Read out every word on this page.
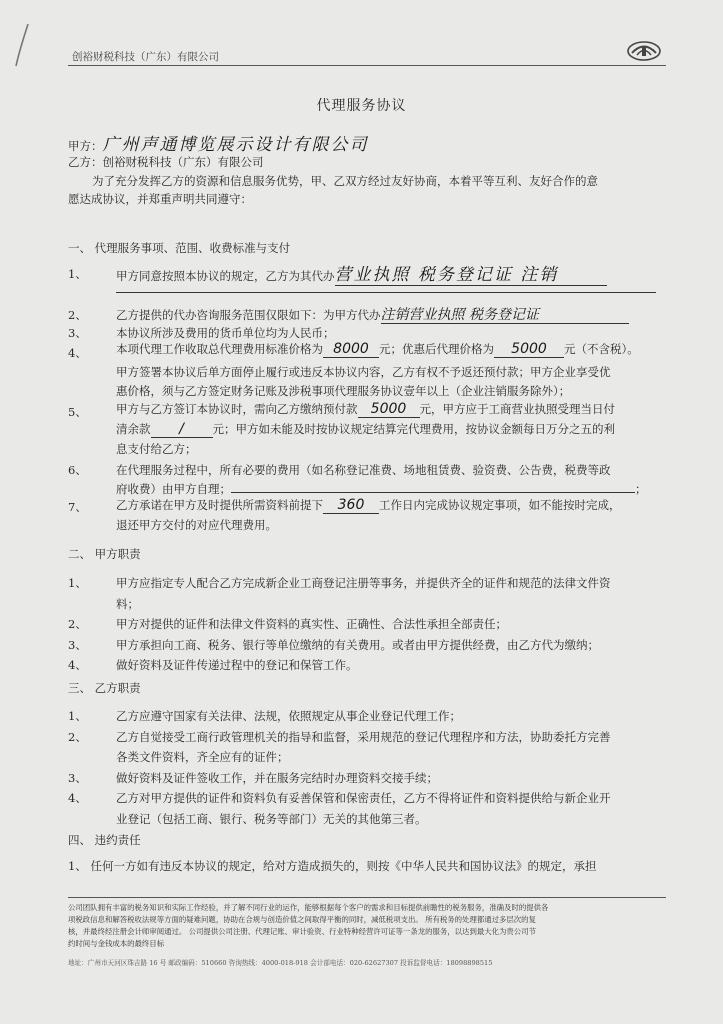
创裕财税科技（广东）有限公司
代理服务协议
甲方：广州声通博览展示设计有限公司
乙方：创裕财税科技（广东）有限公司
为了充分发挥乙方的资源和信息服务优势，甲、乙双方经过友好协商，本着平等互利、友好合作的意
愿达成协议，并郑重声明共同遵守：
一、 代理服务事项、范围、收费标准与支付
1、	甲方同意按照本协议的规定，乙方为其代办营业执照 税务登记证 注销
2、	乙方提供的代办咨询服务范围仅限如下：为甲方代办注销营业执照 税务登记证
3、	本协议所涉及费用的货币单位均为人民币；
4、	本项代理工作收取总代理费用标准价格为 8000 元；优惠后代理价格为 5000 元（不含税）。
甲方签署本协议后单方面停止履行或违反本协议内容，乙方有权不予返还预付款；甲方企业享受优
惠价格，须与乙方签定财务记账及涉税事项代理服务协议壹年以上（企业注销服务除外）；
5、	甲方与乙方签订本协议时，需向乙方缴纳预付款 5000 元，甲方应于工商营业执照受理当日付
清余款 / 元；甲方如未能及时按协议规定结算完代理费用，按协议金额每日万分之五的利
息支付给乙方；
6、	在代理服务过程中，所有必要的费用（如名称登记准费、场地租赁费、验资费、公告费，税费等政
府收费）由甲方自理；	；
7、	乙方承诺在甲方及时提供所需资料前提下 360 工作日内完成协议规定事项，如不能按时完成，
退还甲方交付的对应代理费用。
二、 甲方职责
1、	甲方应指定专人配合乙方完成新企业工商登记注册等事务，并提供齐全的证件和规范的法律文件资
料；
2、	甲方对提供的证件和法律文件资料的真实性、正确性、合法性承担全部责任；
3、	甲方承担向工商、税务、银行等单位缴纳的有关费用。或者由甲方提供经费，由乙方代为缴纳；
4、	做好资料及证件传递过程中的登记和保管工作。
三、 乙方职责
1、	乙方应遵守国家有关法律、法规，依照规定从事企业登记代理工作；
2、	乙方自觉接受工商行政管理机关的指导和监督，采用规范的登记代理程序和方法，协助委托方完善
各类文件资料，齐全应有的证件；
3、	做好资料及证件签收工作，并在服务完结时办理资料交接手续；
4、	乙方对甲方提供的证件和资料负有妥善保管和保密责任，乙方不得将证件和资料提供给与新企业开
业登记（包括工商、银行、税务等部门）无关的其他第三者。
四、 违约责任
1、 任何一方如有违反本协议的规定，给对方造成损失的，则按《中华人民共和国协议法》的规定，承担
公司团队拥有丰富的税务知识和实际工作经验，并了解不同行业的运作，能够根据每个客户的需求和目标提供前瞻性的税务服务，准确及时的提供各
项税政信息和解答税收法规等方面的疑难问题，协助在合规与创造价值之间取得平衡的同时，减低税项支出。 所有税务的处理都通过多层次的复
核，并最终经注册会计师审阅通过。 公司提供公司注册、代理记账、审计验资、行业特种经营许可证等一条龙的服务，以达到最大化为贵公司节
约时间与金钱成本的最终目标
地址：广州市天河区珠吉路 16 号 邮政编码：510660 咨询热线：4000-018-918 会计部电话：020-62627307 投诉监督电话：18098898515
